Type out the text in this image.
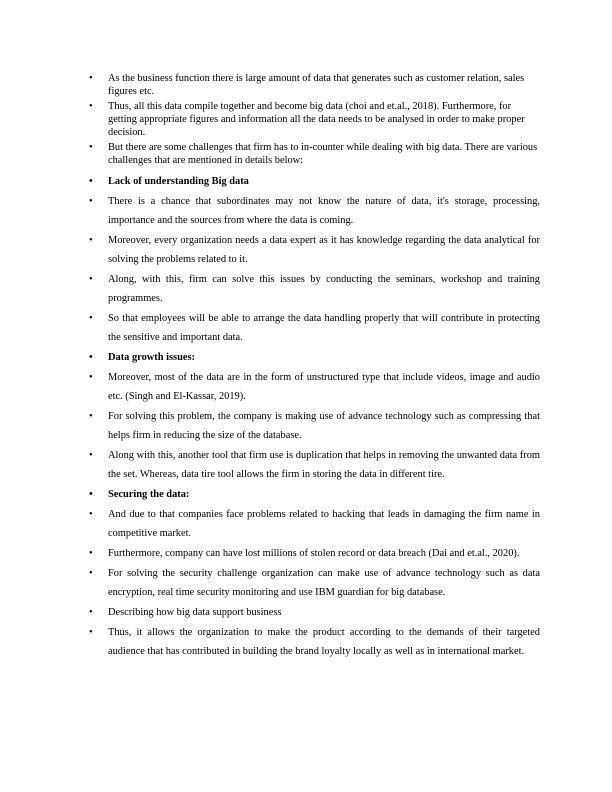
• As the business function there is large amount of data that generates such as customer relation, sales figures etc.
• Thus, all this data compile together and become big data (choi and et.al., 2018). Furthermore, for getting appropriate figures and information all the data needs to be analysed in order to make proper decision.
• But there are some challenges that firm has to in-counter while dealing with big data. There are various challenges that are mentioned in details below:
• Lack of understanding Big data
• There is a chance that subordinates may not know the nature of data, it's storage, processing, importance and the sources from where the data is coming.
• Moreover, every organization needs a data expert as it has knowledge regarding the data analytical for solving the problems related to it.
• Along, with this, firm can solve this issues by conducting the seminars, workshop and training programmes.
• So that employees will be able to arrange the data handling properly that will contribute in protecting the sensitive and important data.
• Data growth issues:
• Moreover, most of the data are in the form of unstructured type that include videos, image and audio etc. (Singh and El-Kassar, 2019).
• For solving this problem, the company is making use of advance technology such as compressing that helps firm in reducing the size of the database.
• Along with this, another tool that firm use is duplication that helps in removing the unwanted data from the set. Whereas, data tire tool allows the firm in storing the data in different tire.
• Securing the data:
• And due to that companies face problems related to hacking that leads in damaging the firm name in competitive market.
• Furthermore, company can have lost millions of stolen record or data breach (Dai and et.al., 2020).
• For solving the security challenge organization can make use of advance technology such as data encryption, real time security monitoring and use IBM guardian for big database.
• Describing how big data support business
• Thus, it allows the organization to make the product according to the demands of their targeted audience that has contributed in building the brand loyalty locally as well as in international market.
